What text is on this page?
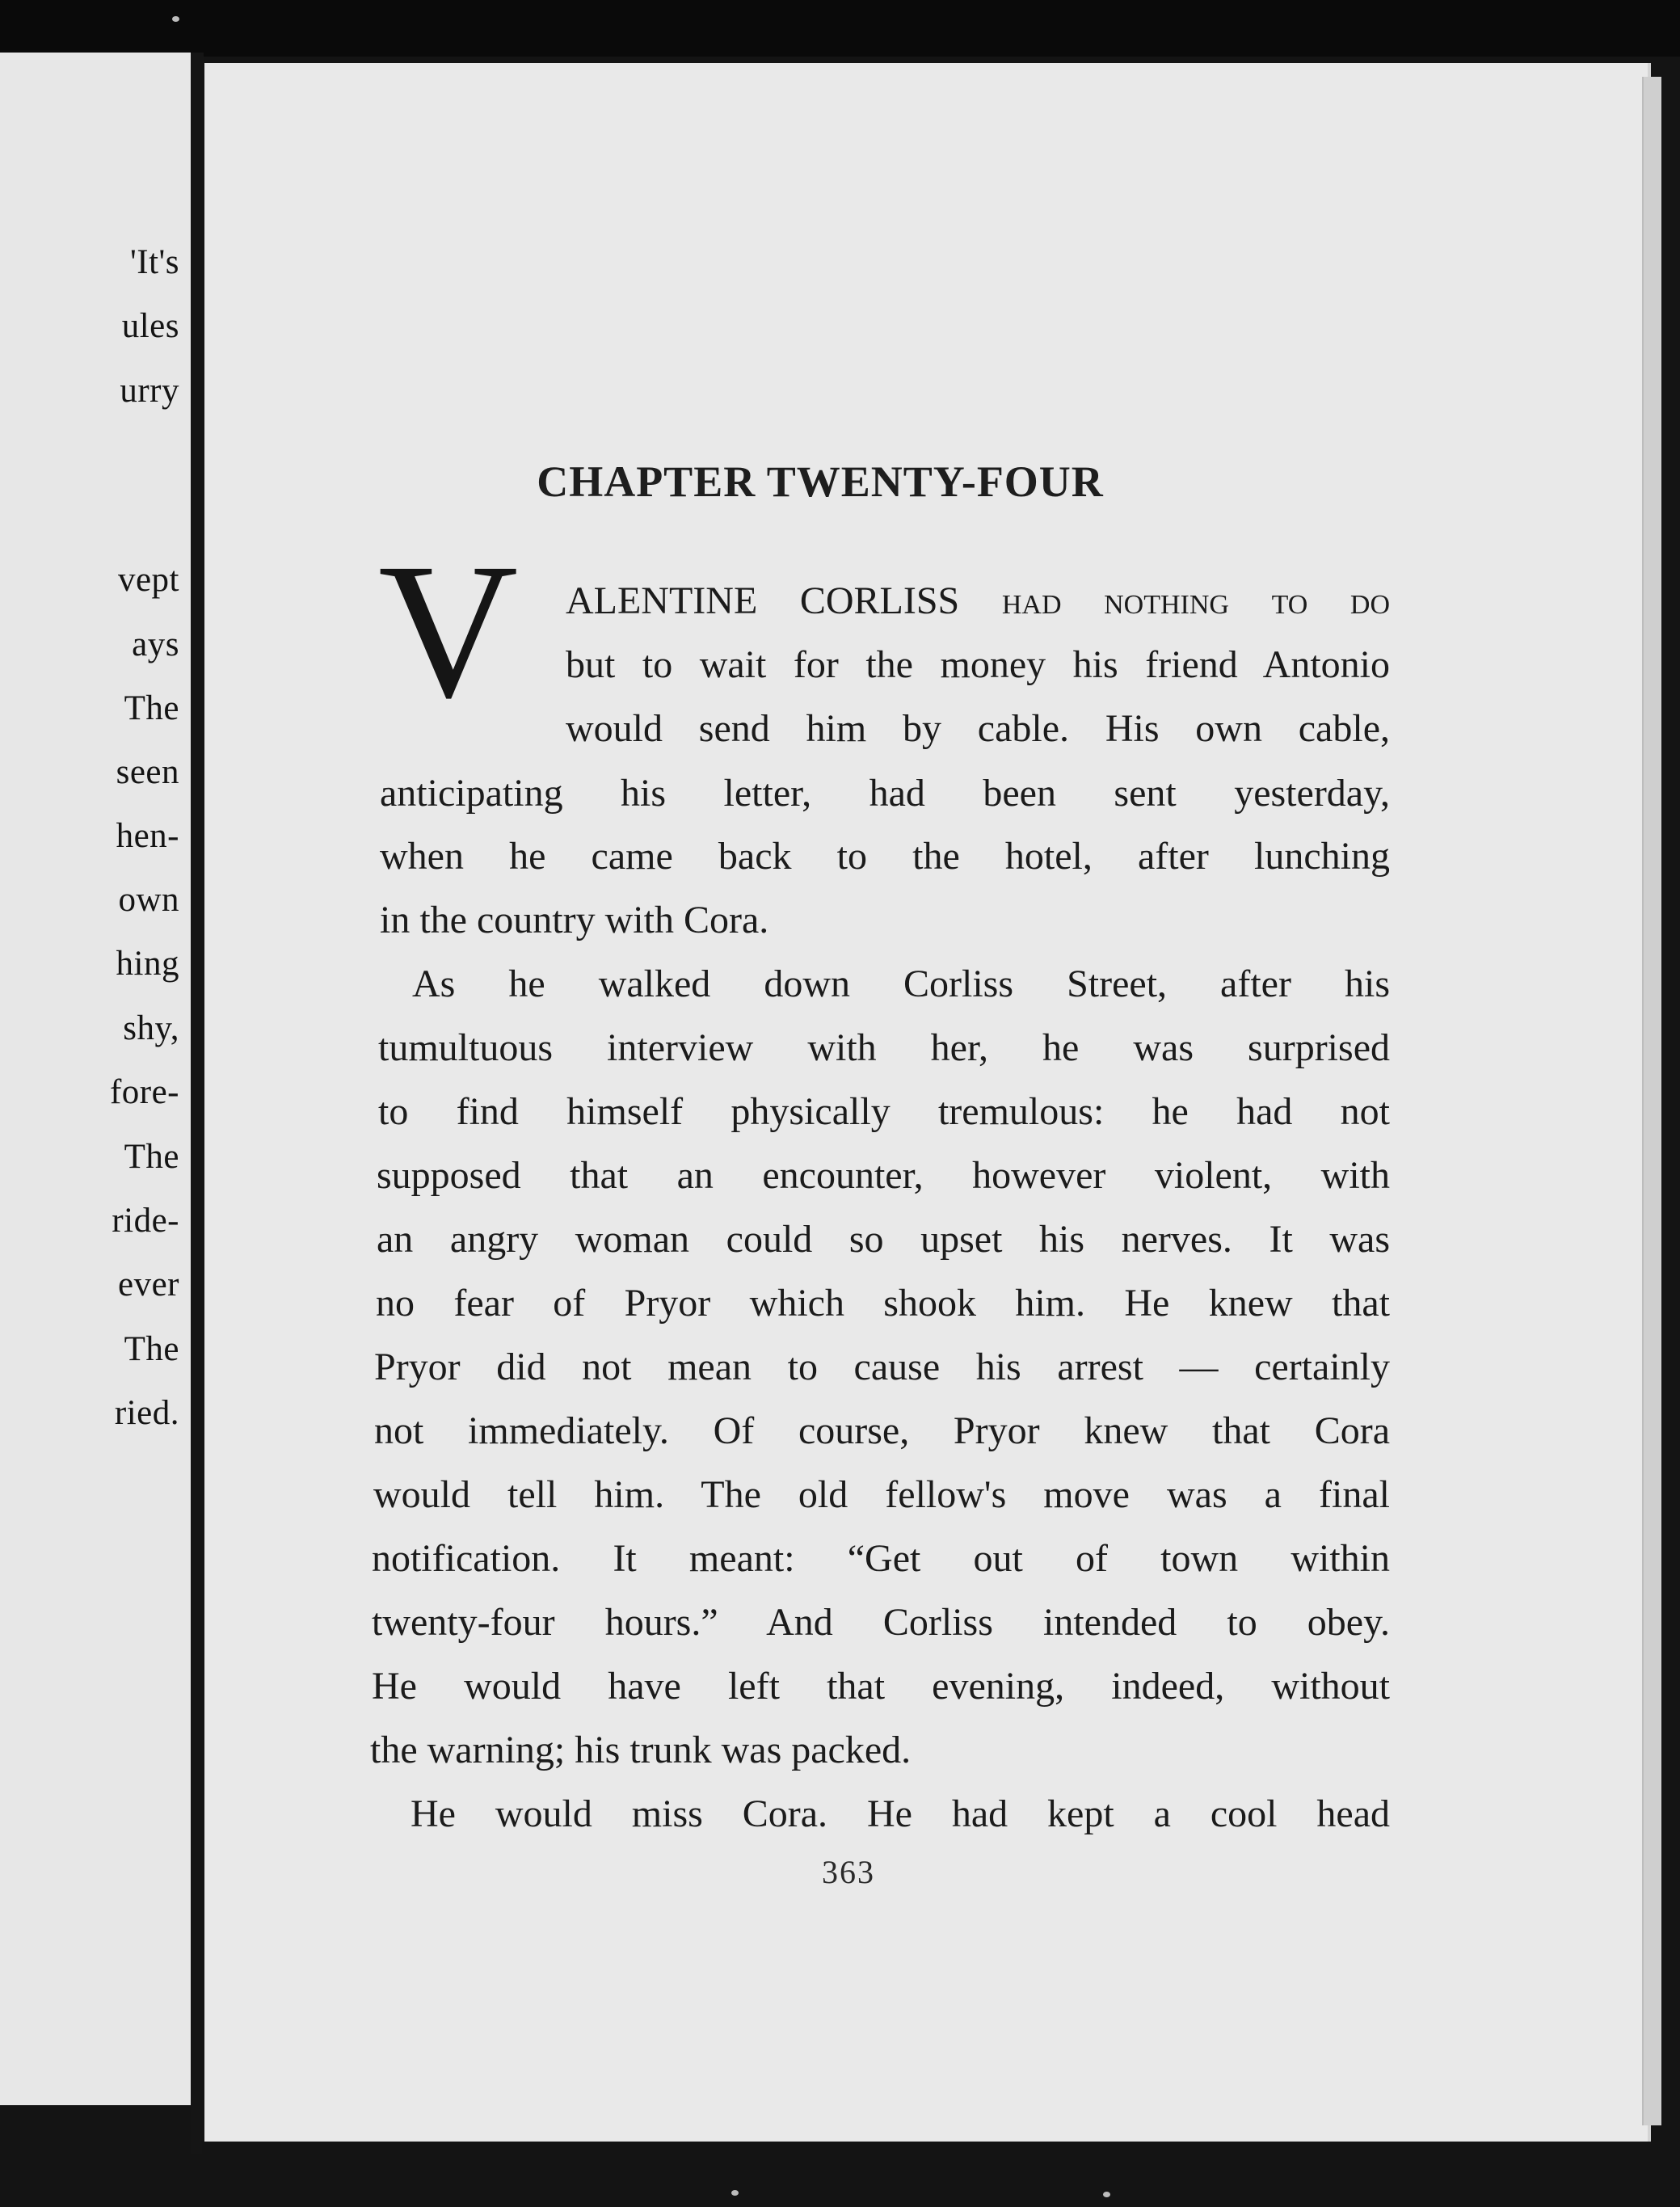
'It's

ules

urry

vept

ays

The

seen

hen-

own

hing

shy,

fore-

The

ride-

ever

The

ried.

CHAPTER TWENTY-FOUR

V ALENTINE CORLISS had nothing to do

but to wait for the money his friend Antonio

would send him by cable. His own cable,

anticipating his letter, had been sent yesterday,

when he came back to the hotel, after lunching

in the country with Cora.

As he walked down Corliss Street, after his

tumultuous interview with her, he was surprised

to find himself physically tremulous: he had not

supposed that an encounter, however violent, with

an angry woman could so upset his nerves. It was

no fear of Pryor which shook him. He knew that

Pryor did not mean to cause his arrest — certainly

not immediately. Of course, Pryor knew that Cora

would tell him. The old fellow's move was a final

notification. It meant: “Get out of town within

twenty-four hours.” And Corliss intended to obey.

He would have left that evening, indeed, without

the warning; his trunk was packed.

He would miss Cora. He had kept a cool head

363
